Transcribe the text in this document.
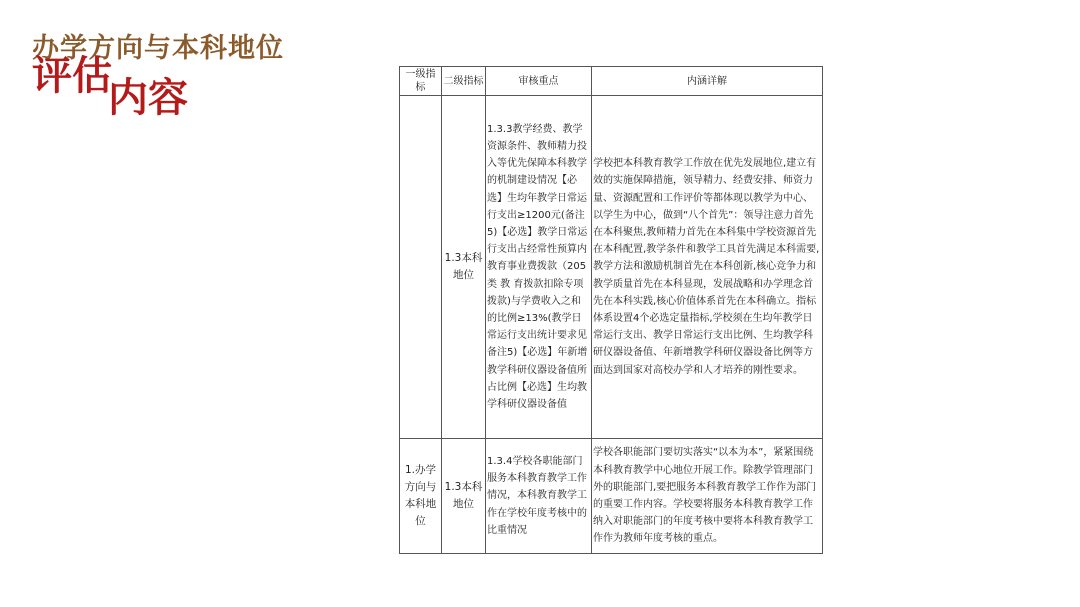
办学方向与本科地位
评估内容
一级指标	二级指标	审核重点	内涵详解
	1.3本科地位	1.3.3教学经费、教学资源条件、教师精力投入等优先保障本科教学的机制建设情况【必选】生均年教学日常运行支出≥1200元(备注5)【必选】教学日常运行支出占经常性预算内教育事业费拨款（205 类 教 育拨款扣除专项拨款)与学费收入之和的比例≥13%(教学日常运行支出统计要求见备注5)【必选】年新增教学科研仪器设备值所占比例【必选】生均教学科研仪器设备值	学校把本科教育教学工作放在优先发展地位,建立有效的实施保障措施，领导精力、经费安排、师资力量、资源配置和工作评价等都体现以教学为中心、以学生为中心，做到“八个首先”：领导注意力首先在本科聚焦,教师精力首先在本科集中学校资源首先在本科配置,教学条件和教学工具首先满足本科需要,教学方法和激励机制首先在本科创新,核心竞争力和教学质量首先在本科显现，发展战略和办学理念首先在本科实践,核心价值体系首先在本科确立。指标体系设置4个必选定量指标,学校须在生均年教学日常运行支出、教学日常运行支出比例、生均教学科研仪器设备值、年新增教学科研仪器设备比例等方面达到国家对高校办学和人才培养的刚性要求。
1.办学方向与本科地位	1.3本科地位	1.3.4学校各职能部门服务本科教育教学工作情况，本科教育教学工作在学校年度考核中的比重情况	学校各职能部门要切实落实“以本为本”，紧紧围绕本科教育教学中心地位开展工作。除教学管理部门外的职能部门,要把服务本科教育教学工作作为部门的重要工作内容。学校要将服务本科教育教学工作纳入对职能部门的年度考核中要将本科教育教学工作作为教师年度考核的重点。
